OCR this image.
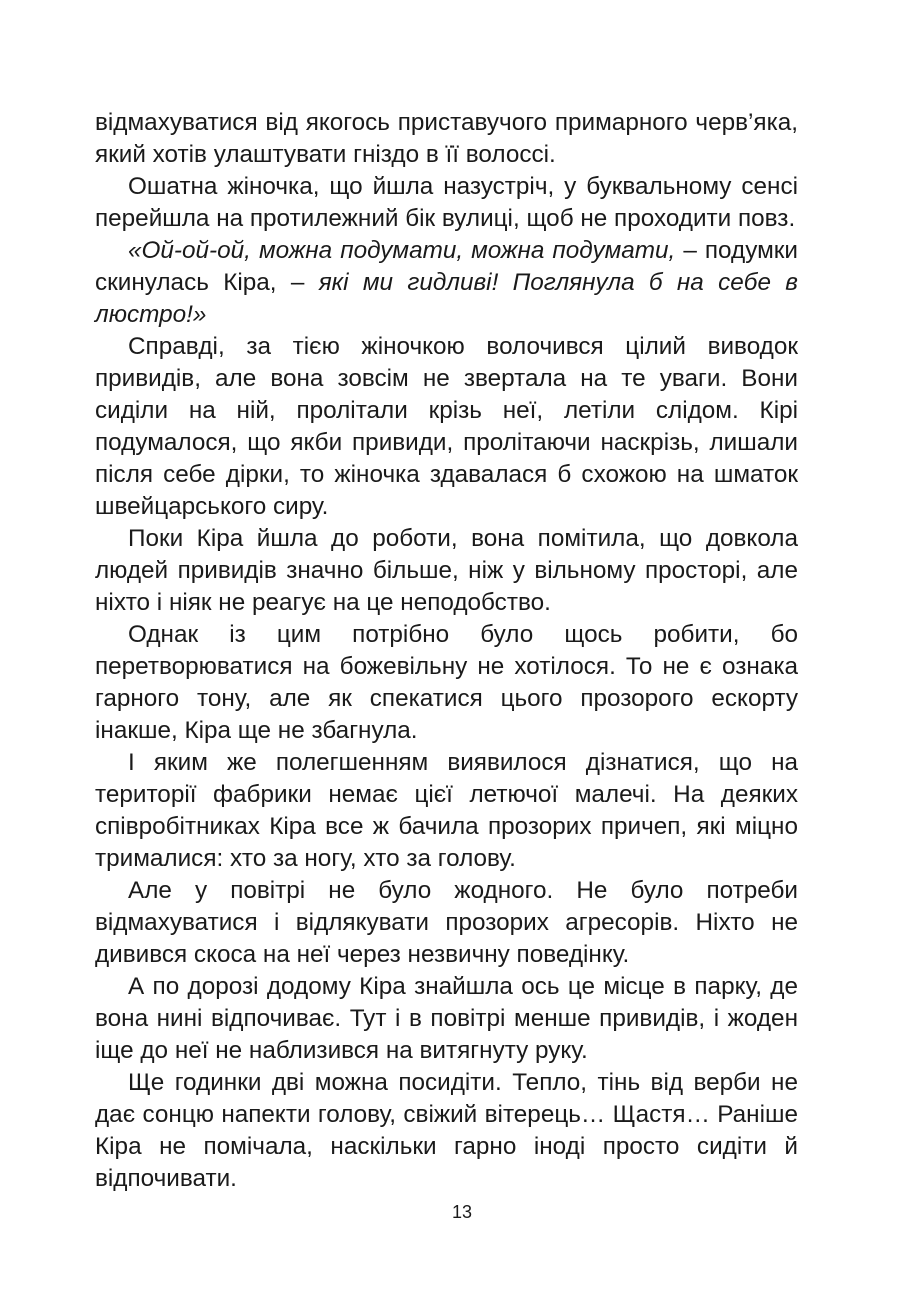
відмахуватися від якогось приставучого примарного черв’яка, який хотів улаштувати гніздо в її волоссі.

Ошатна жіночка, що йшла назустріч, у буквальному сенсі перейшла на протилежний бік вулиці, щоб не проходити повз.

«Ой-ой-ой, можна подумати, можна подумати, – подумки скинулась Кіра, – які ми гидливі! Поглянула б на себе в люстро!»

Справді, за тією жіночкою волочився цілий виводок привидів, але вона зовсім не звертала на те уваги. Вони сиділи на ній, пролітали крізь неї, летіли слідом. Кірі подумалося, що якби привиди, пролітаючи наскрізь, лишали після себе дірки, то жіночка здавалася б схожою на шматок швейцарського сиру.

Поки Кіра йшла до роботи, вона помітила, що довкола людей привидів значно більше, ніж у вільному просторі, але ніхто і ніяк не реагує на це неподобство.

Однак із цим потрібно було щось робити, бо перетворюватися на божевільну не хотілося. То не є ознака гарного тону, але як спекатися цього прозорого ескорту інакше, Кіра ще не збагнула.

І яким же полегшенням виявилося дізнатися, що на території фабрики немає цієї летючої малечі. На деяких співробітниках Кіра все ж бачила прозорих причеп, які міцно трималися: хто за ногу, хто за голову.

Але у повітрі не було жодного. Не було потреби відмахуватися і відлякувати прозорих агресорів. Ніхто не дивився скоса на неї через незвичну поведінку.

А по дорозі додому Кіра знайшла ось це місце в парку, де вона нині відпочиває. Тут і в повітрі менше привидів, і жоден іще до неї не наблизився на витягнуту руку.

Ще годинки дві можна посидіти. Тепло, тінь від верби не дає сонцю напекти голову, свіжий вітерець… Щастя… Раніше Кіра не помічала, наскільки гарно іноді просто сидіти й відпочивати.

13
